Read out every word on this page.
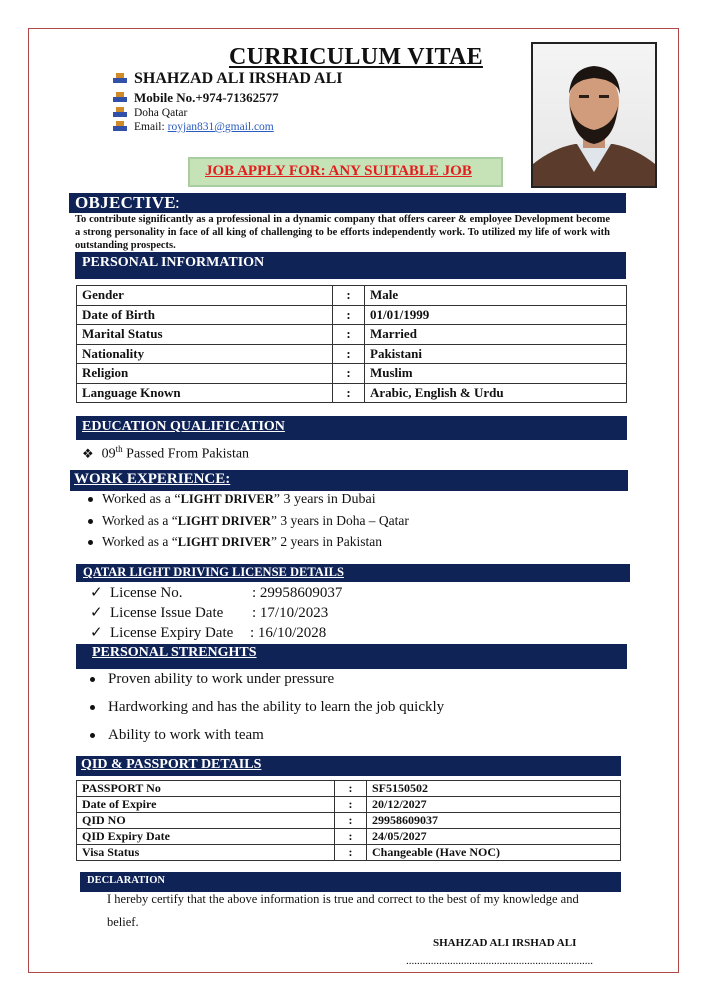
CURRICULUM VITAE
SHAHZAD ALI IRSHAD ALI
Mobile No.+974-71362577
Doha Qatar
Email: royjan831@gmail.com
JOB APPLY FOR: ANY SUITABLE JOB
OBJECTIVE :
To contribute significantly as a professional in a dynamic company that offers career & employee Development become a strong personality in face of all king of challenging to be efforts independently work. To utilized my life of work with outstanding prospects.
PERSONAL INFORMATION
Gender	:	Male
Date of Birth	:	01/01/1999
Marital Status	:	Married
Nationality	:	Pakistani
Religion	:	Muslim
Language Known	:	Arabic, English & Urdu
EDUCATION QUALIFICATION
❖ 09th Passed From Pakistan
WORK EXPERIENCE:
Worked as a “LIGHT DRIVER” 3 years in Dubai
Worked as a “LIGHT DRIVER” 3 years in Doha – Qatar
Worked as a “LIGHT DRIVER” 2 years in Pakistan
QATAR LIGHT DRIVING LICENSE DETAILS
✓ License No.	: 29958609037
✓ License Issue Date : 17/10/2023
✓ License Expiry Date : 16/10/2028
PERSONAL STRENGHTS
Proven ability to work under pressure
Hardworking and has the ability to learn the job quickly
Ability to work with team
QID & PASSPORT DETAILS
PASSPORT No	:	SF5150502
Date of Expire	:	20/12/2027
QID NO	:	29958609037
QID Expiry Date	:	24/05/2027
Visa Status	:	Changeable (Have NOC)
DECLARATION
I hereby certify that the above information is true and correct to the best of my knowledge and
belief.
SHAHZAD ALI IRSHAD ALI
....................................................................
